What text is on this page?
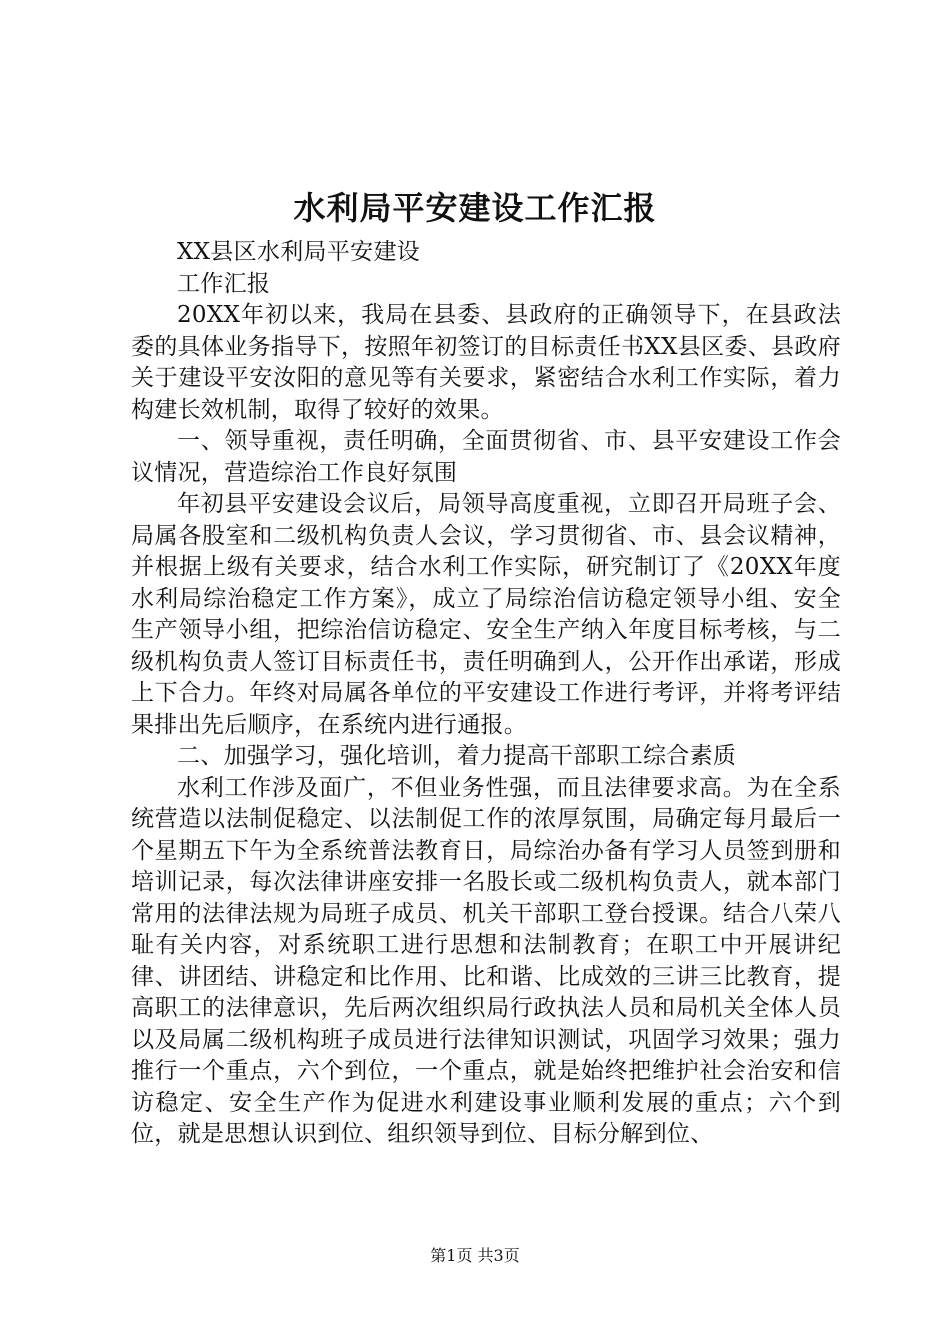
水利局平安建设工作汇报

XX县区水利局平安建设

工作汇报

20XX年初以来，我局在县委、县政府的正确领导下，在县政法委的具体业务指导下，按照年初签订的目标责任书XX县区委、县政府关于建设平安汝阳的意见等有关要求，紧密结合水利工作实际，着力构建长效机制，取得了较好的效果。

一、领导重视，责任明确，全面贯彻省、市、县平安建设工作会议情况，营造综治工作良好氛围

年初县平安建设会议后，局领导高度重视，立即召开局班子会、局属各股室和二级机构负责人会议，学习贯彻省、市、县会议精神，并根据上级有关要求，结合水利工作实际，研究制订了《20XX年度水利局综治稳定工作方案》，成立了局综治信访稳定领导小组、安全生产领导小组，把综治信访稳定、安全生产纳入年度目标考核，与二级机构负责人签订目标责任书，责任明确到人，公开作出承诺，形成上下合力。年终对局属各单位的平安建设工作进行考评，并将考评结果排出先后顺序，在系统内进行通报。

二、加强学习，强化培训，着力提高干部职工综合素质

水利工作涉及面广，不但业务性强，而且法律要求高。为在全系统营造以法制促稳定、以法制促工作的浓厚氛围，局确定每月最后一个星期五下午为全系统普法教育日，局综治办备有学习人员签到册和培训记录，每次法律讲座安排一名股长或二级机构负责人，就本部门常用的法律法规为局班子成员、机关干部职工登台授课。结合八荣八耻有关内容，对系统职工进行思想和法制教育；在职工中开展讲纪律、讲团结、讲稳定和比作用、比和谐、比成效的三讲三比教育，提高职工的法律意识，先后两次组织局行政执法人员和局机关全体人员以及局属二级机构班子成员进行法律知识测试，巩固学习效果；强力推行一个重点，六个到位，一个重点，就是始终把维护社会治安和信访稳定、安全生产作为促进水利建设事业顺利发展的重点；六个到位，就是思想认识到位、组织领导到位、目标分解到位、

第1页 共3页
